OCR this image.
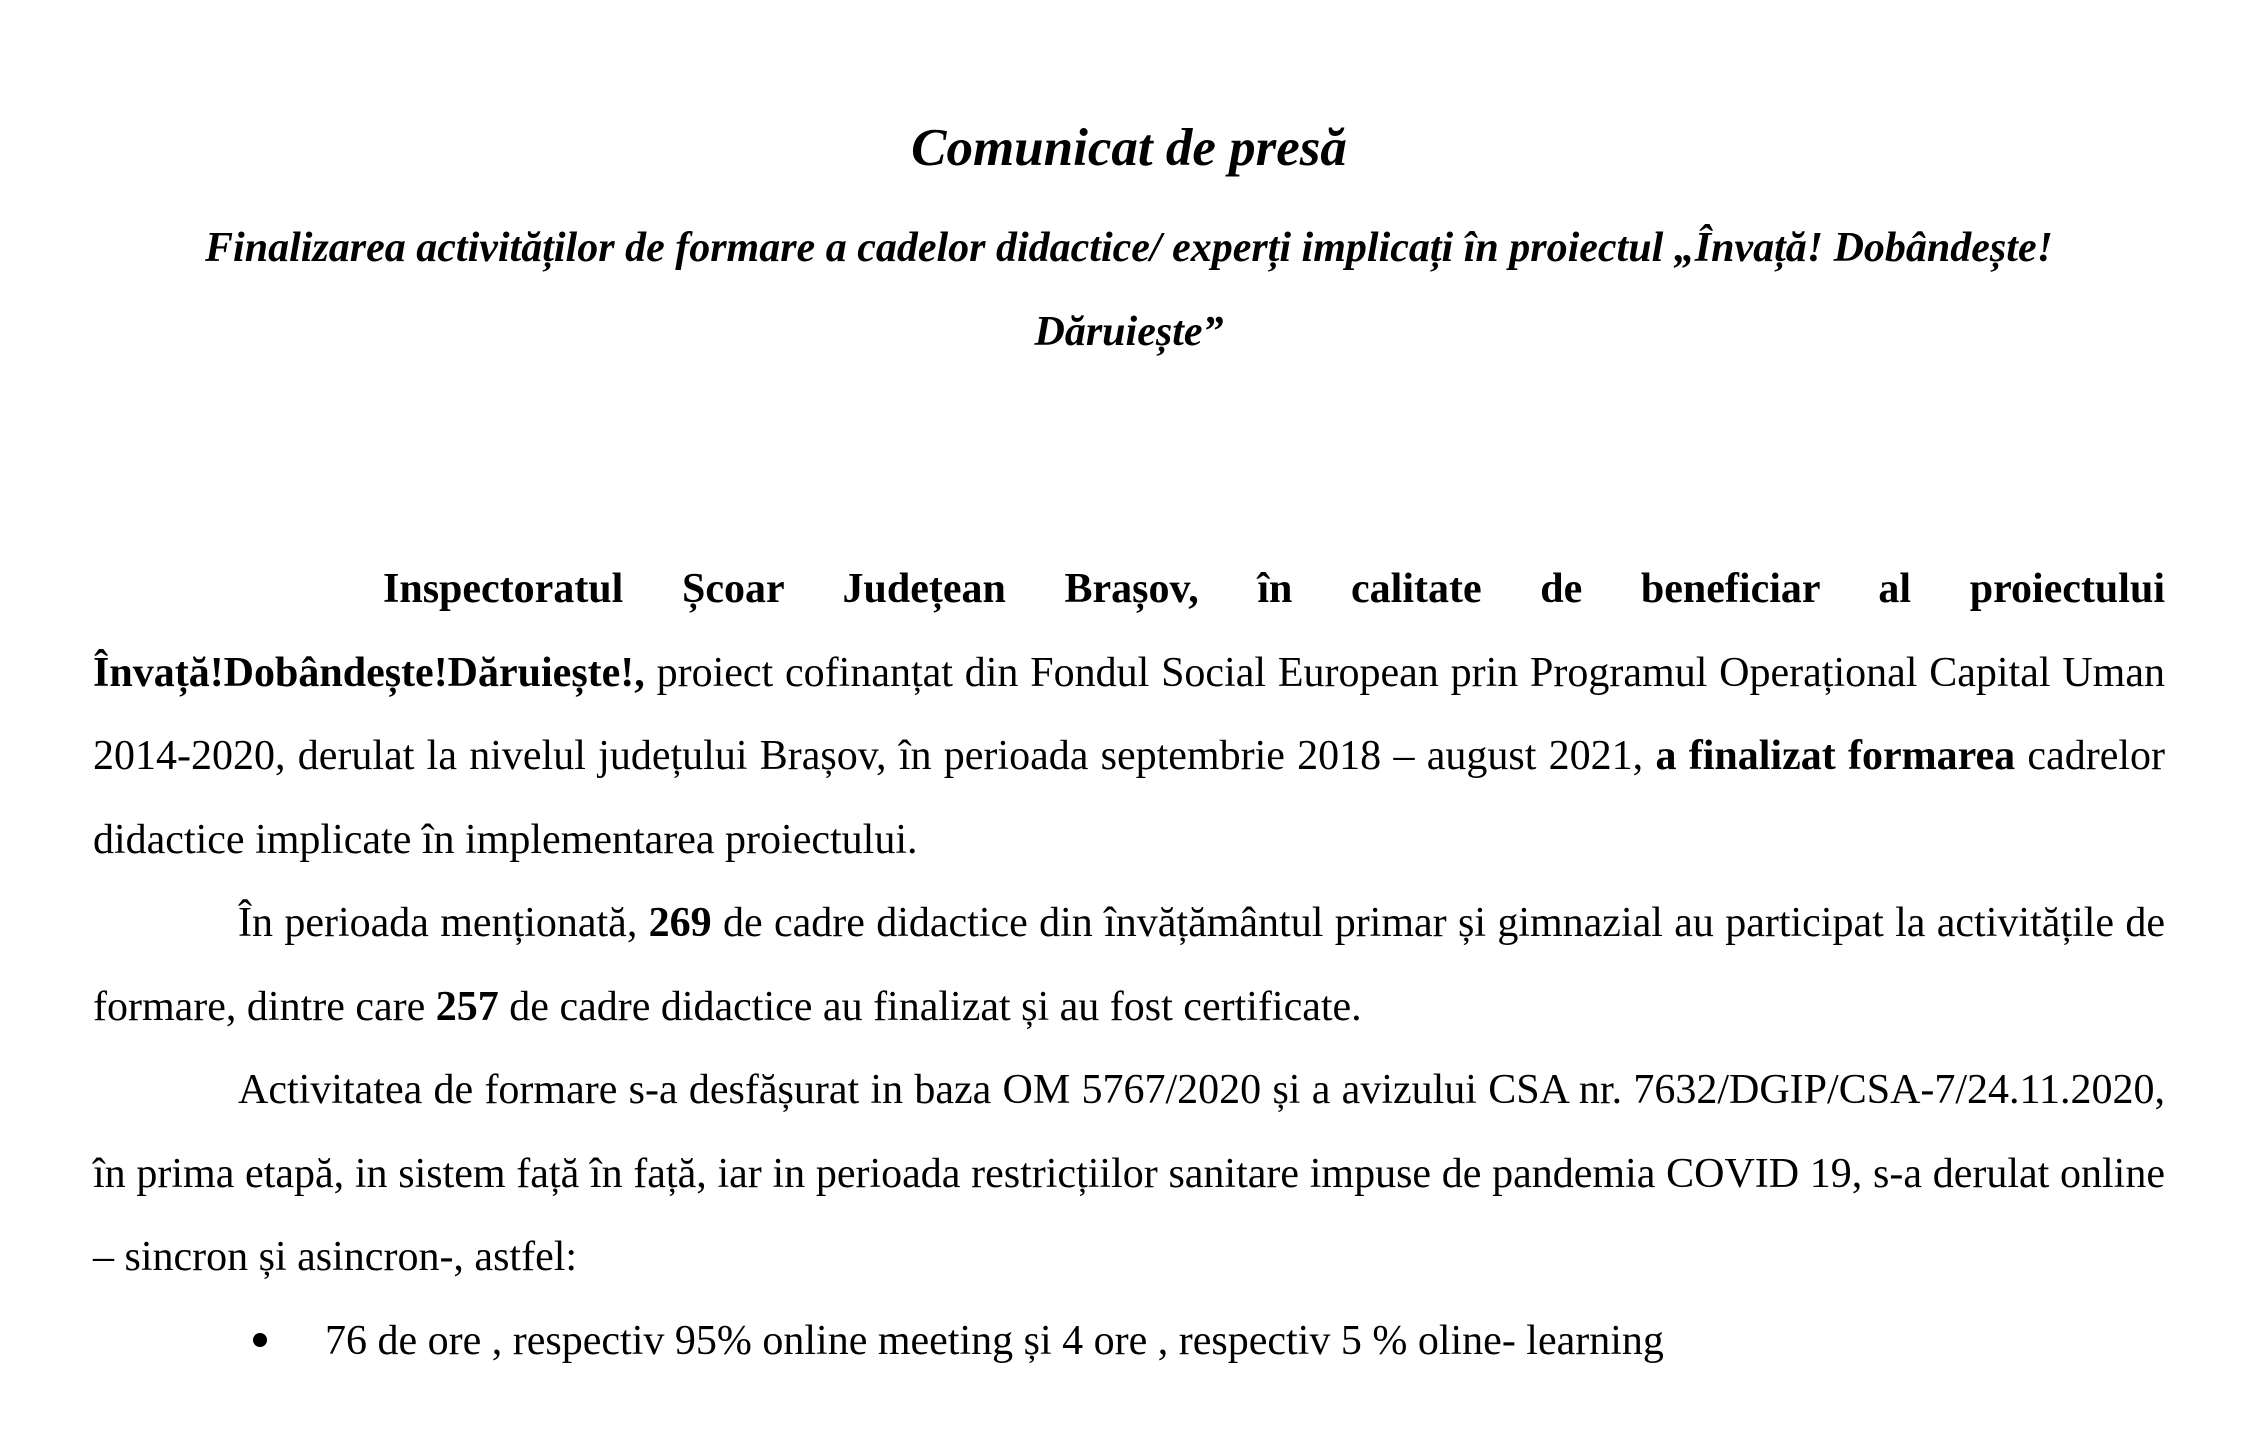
Comunicat de presă
Finalizarea activităților de formare a cadelor didactice/ experți implicați în proiectul „Învață! Dobândește! Dăruiește”

Inspectoratul Școar Județean Brașov, în calitate de beneficiar al proiectului Învață!Dobândește!Dăruiește!, proiect cofinanțat din Fondul Social European prin Programul Operațional Capital Uman 2014-2020, derulat la nivelul județului Brașov, în perioada septembrie 2018 – august 2021, a finalizat formarea cadrelor didactice implicate în implementarea proiectului.

În perioada menționată, 269 de cadre didactice din învățământul primar și gimnazial au participat la activitățile de formare, dintre care 257 de cadre didactice au finalizat și au fost certificate.

Activitatea de formare s-a desfășurat in baza OM 5767/2020 și a avizului CSA nr. 7632/DGIP/CSA-7/24.11.2020, în prima etapă, in sistem față în față, iar in perioada restricțiilor sanitare impuse de pandemia COVID 19, s-a derulat online – sincron și asincron-, astfel:

76 de ore , respectiv 95% online meeting și 4 ore , respectiv 5 % oline- learning
